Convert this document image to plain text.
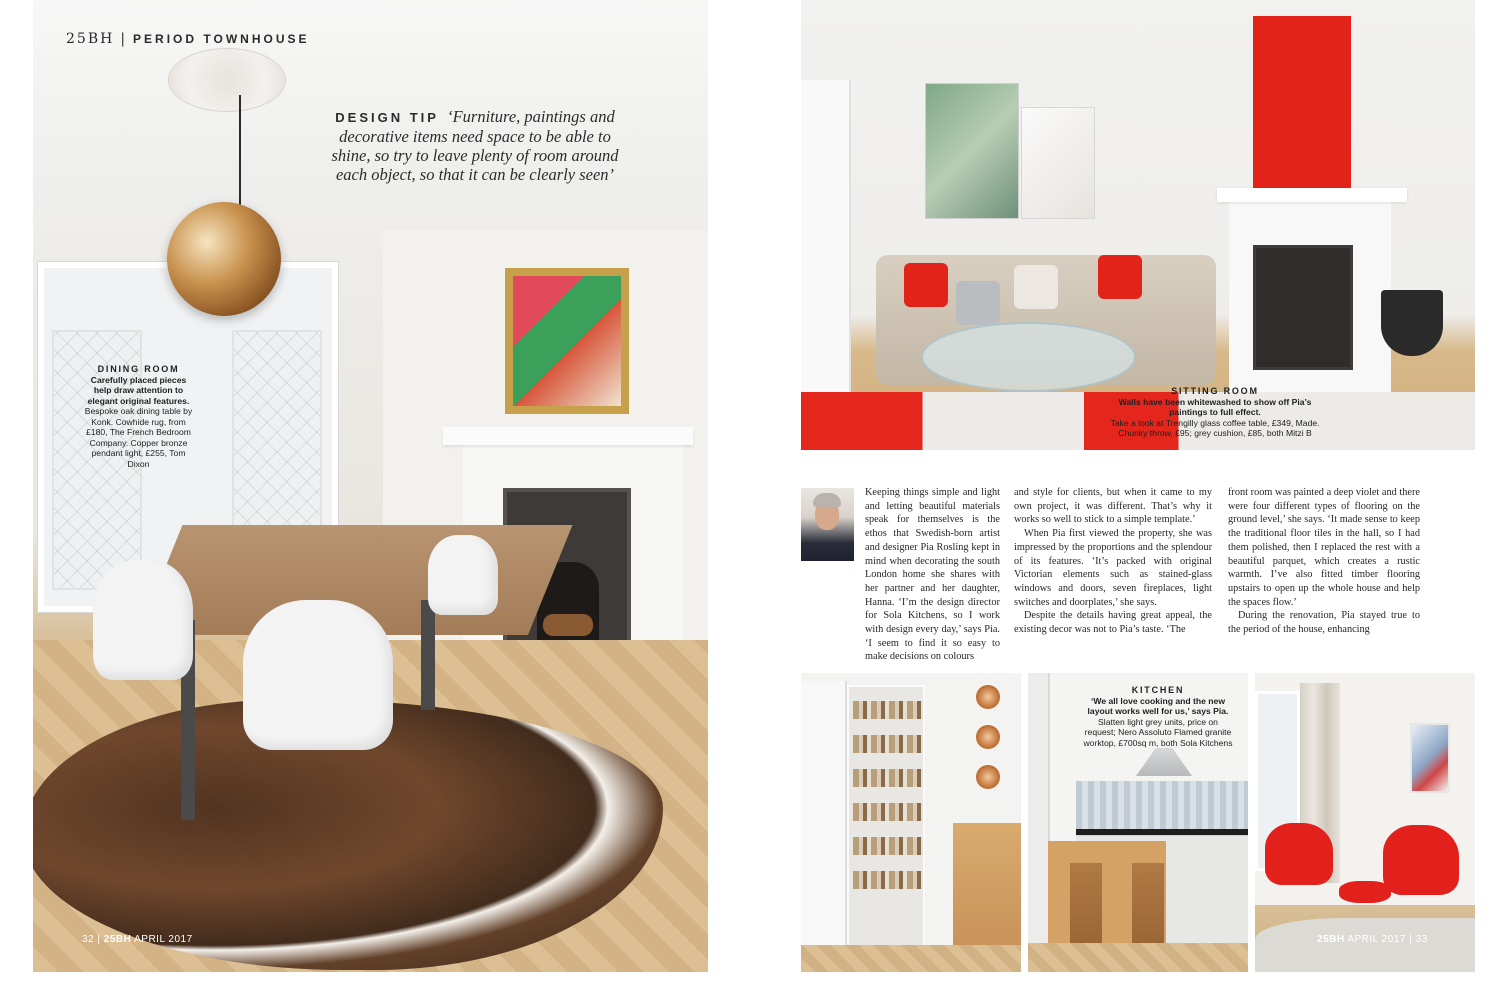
25BH | PERIOD TOWNHOUSE
DESIGN TIP ‘Furniture, paintings and decorative items need space to be able to shine, so try to leave plenty of room around each object, so that it can be clearly seen’
DINING ROOM
Carefully placed pieces help draw attention to elegant original features.
Bespoke oak dining table by Konk. Cowhide rug, from £180, The French Bedroom Company. Copper bronze pendant light, £255, Tom Dixon
32 | 25BH APRIL 2017
SITTING ROOM
Walls have been whitewashed to show off Pia’s paintings to full effect.
Take a look at Trengilly glass coffee table, £349, Made. Chunky throw, £95; grey cushion, £85, both Mitzi B

Keeping things simple and light and letting beautiful materials speak for themselves is the ethos that Swedish-born artist and designer Pia Rosling kept in mind when decorating the south London home she shares with her partner and her daughter, Hanna. ‘I’m the design director for Sola Kitchens, so I work with design every day,’ says Pia. ‘I seem to find it so easy to make decisions on colours

and style for clients, but when it came to my own project, it was different. That’s why it works so well to stick to a simple template.’

When Pia first viewed the property, she was impressed by the proportions and the splendour of its features. ‘It’s packed with original Victorian elements such as stained-glass windows and doors, seven fireplaces, light switches and doorplates,’ she says.

Despite the details having great appeal, the existing decor was not to Pia’s taste. ‘The

front room was painted a deep violet and there were four different types of flooring on the ground level,’ she says. ‘It made sense to keep the traditional floor tiles in the hall, so I had them polished, then I replaced the rest with a beautiful parquet, which creates a rustic warmth. I’ve also fitted timber flooring upstairs to open up the whole house and help the spaces flow.’

During the renovation, Pia stayed true to the period of the house, enhancing

KITCHEN
‘We all love cooking and the new layout works well for us,’ says Pia.
Slatten light grey units, price on request; Nero Assoluto Flamed granite worktop, £700sq m, both Sola Kitchens
25BH APRIL 2017 | 33
